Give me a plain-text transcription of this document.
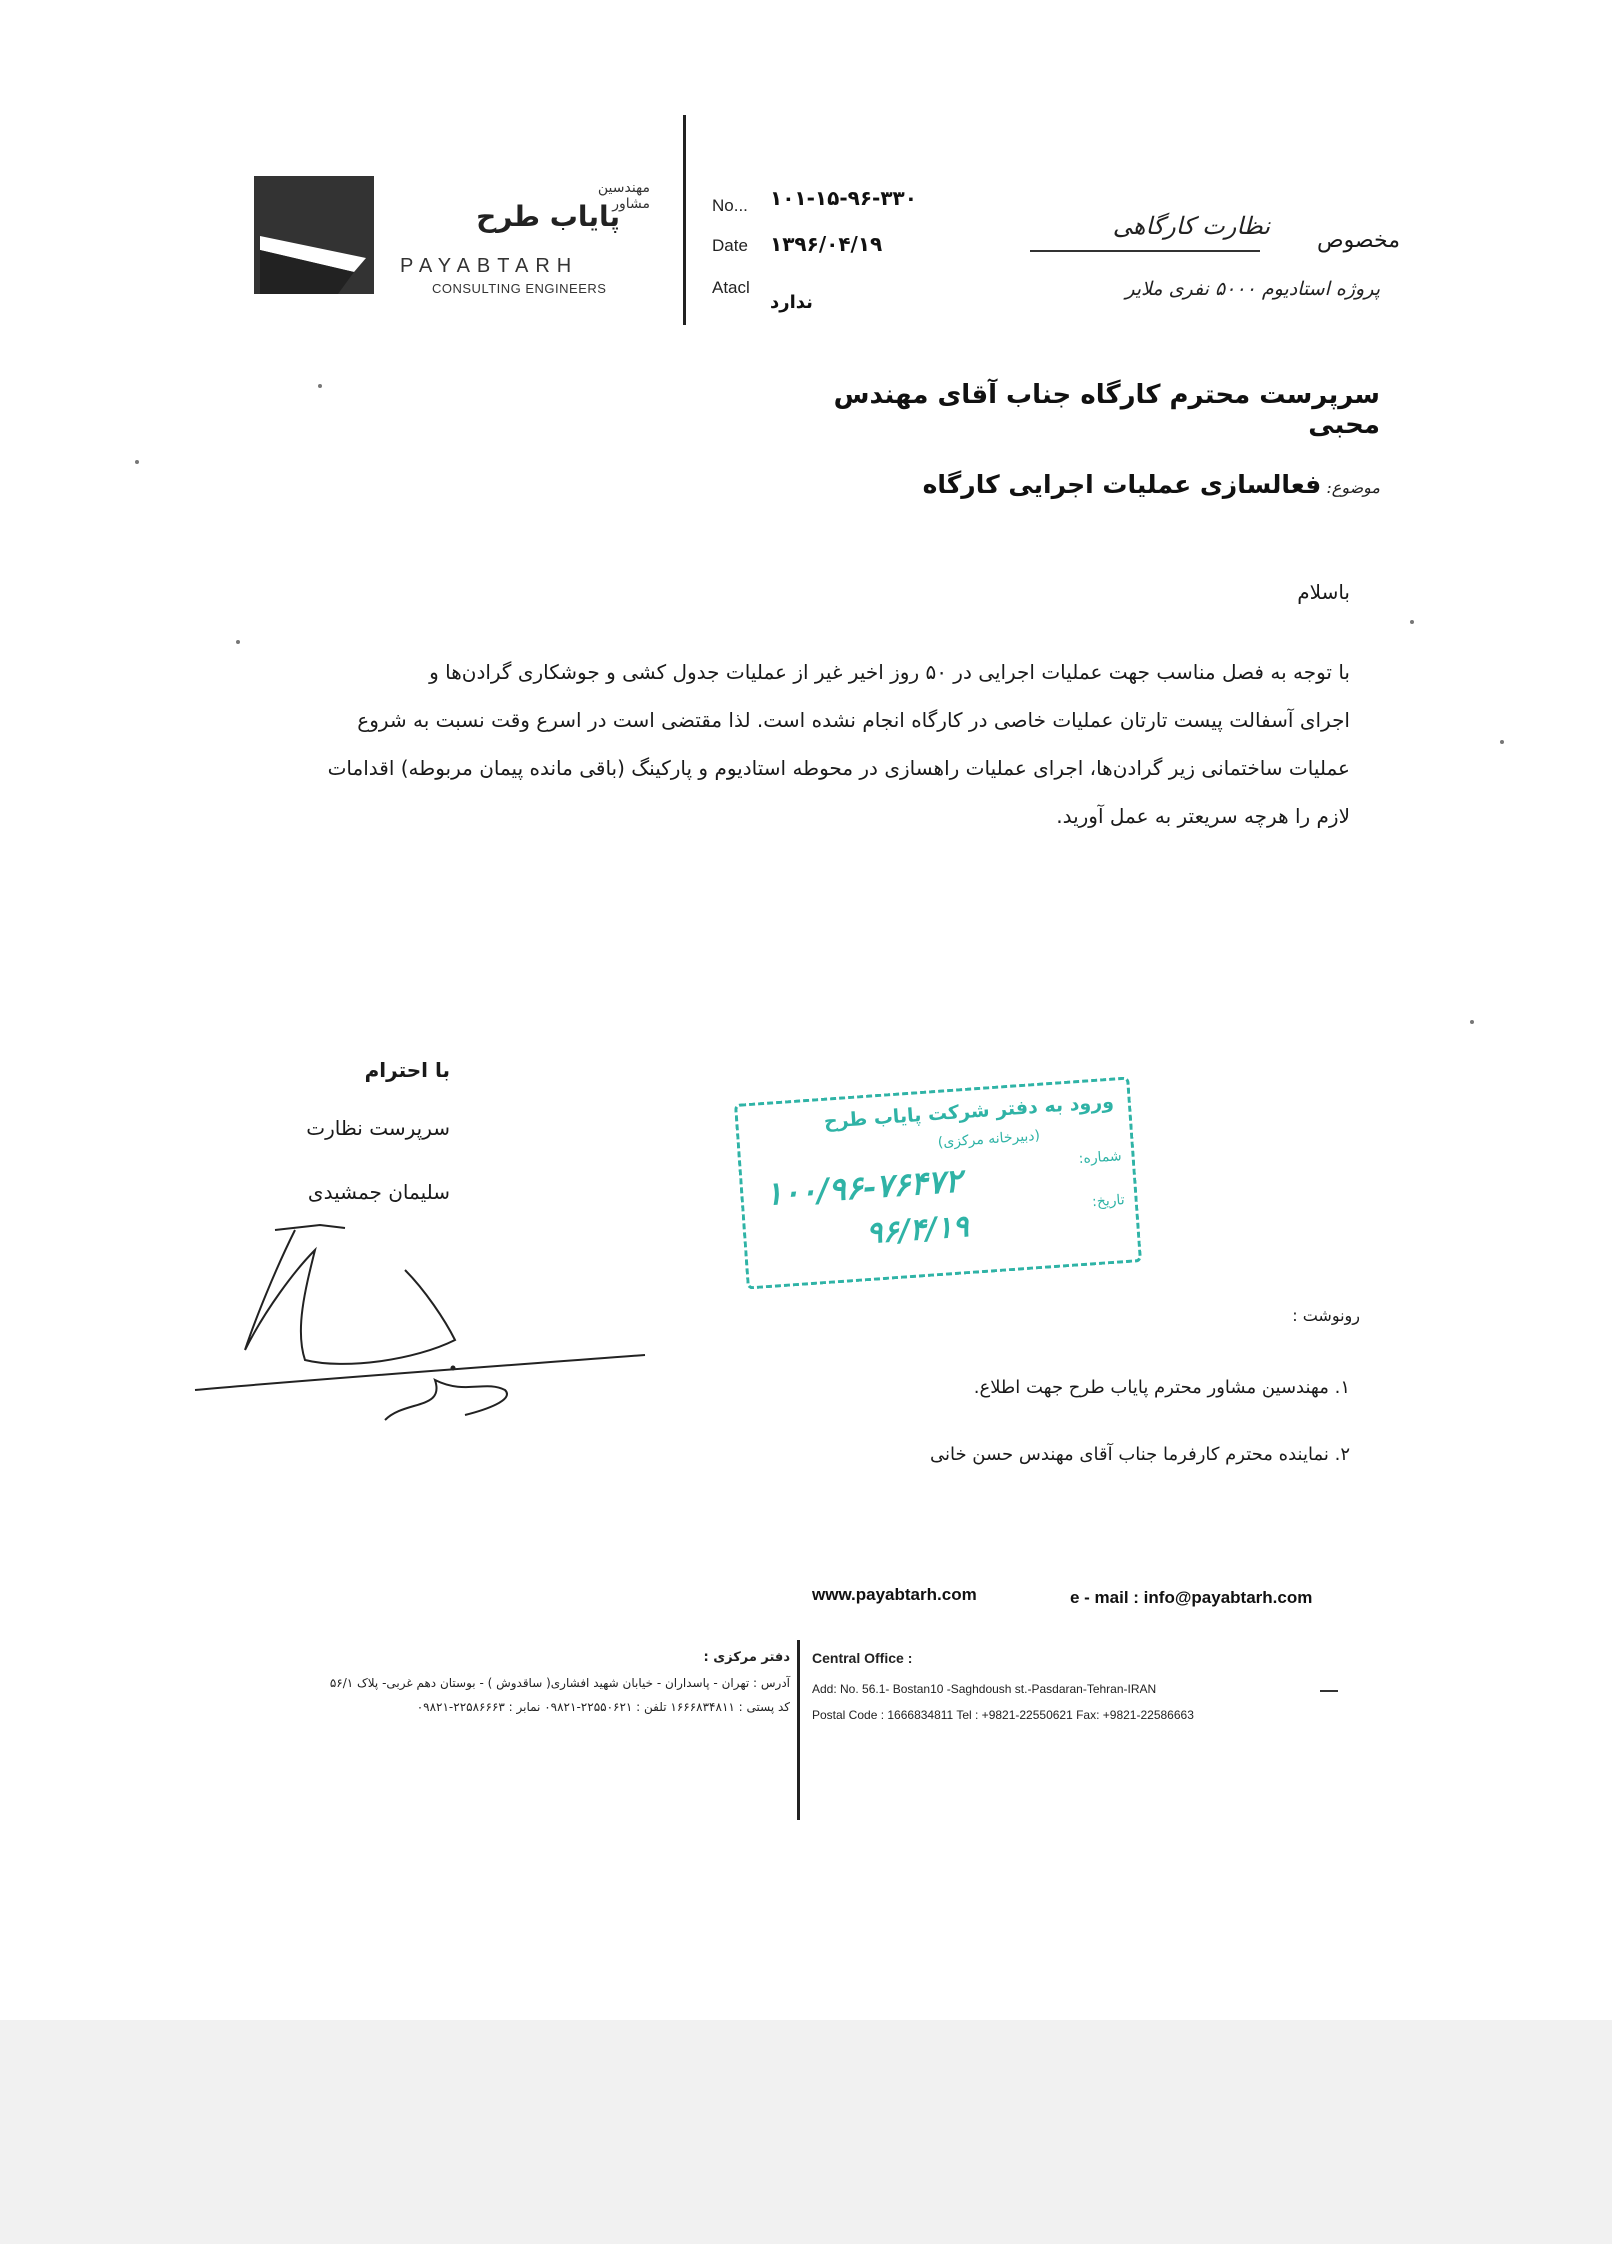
مهندسین مشاور
پایاب طرح
PAYABTARH
CONSULTING ENGINEERS
No... ۱۰۱-۱۵-۹۶-۳۳۰
Date ۱۳۹۶/۰۴/۱۹
Atacl
ندارد
مخصوص
نظارت کارگاهی
پروژه استادیوم ۵۰۰۰ نفری ملایر
سرپرست محترم کارگاه جناب آقای مهندس محبی
موضوع: فعالسازی عملیات اجرایی کارگاه
باسلام
با توجه به فصل مناسب جهت عملیات اجرایی در ۵۰ روز اخیر غیر از عملیات جدول کشی و جوشکاری گرادن‌ها و
اجرای آسفالت پیست تارتان عملیات خاصی در کارگاه انجام نشده است. لذا مقتضی است در اسرع وقت نسبت به شروع
عملیات ساختمانی زیر گرادن‌ها، اجرای عملیات راهسازی در محوطه استادیوم و پارکینگ (باقی مانده پیمان مربوطه) اقدامات
لازم را هرچه سریعتر به عمل آورید.
با احترام
سرپرست نظارت
سلیمان جمشیدی
ورود به دفتر شرکت پایاب طرح
(دبیرخانه مرکزی)
شماره:
۱۰۰/۹۶-۷۶۴۷۲	تاریخ:
۹۶/۴/۱۹
رونوشت :
۱. مهندسین مشاور محترم پایاب طرح جهت اطلاع.
۲. نماینده محترم کارفرما جناب آقای مهندس حسن خانی
www.payabtarh.com	e - mail : info@payabtarh.com
دفتر مرکزی :
آدرس : تهران - پاسداران - خیابان شهید افشاری( ساقدوش ) - بوستان دهم غربی- پلاک ۵۶/۱
کد پستی : ۱۶۶۶۸۳۴۸۱۱ تلفن : ۲۲۵۵۰۶۲۱-۰۹۸۲۱ نمابر : ۲۲۵۸۶۶۶۳-۰۹۸۲۱
Central Office :
Add: No. 56.1- Bostan10 -Saghdoush st.-Pasdaran-Tehran-IRAN
Postal Code : 1666834811 Tel : +9821-22550621 Fax: +9821-22586663
